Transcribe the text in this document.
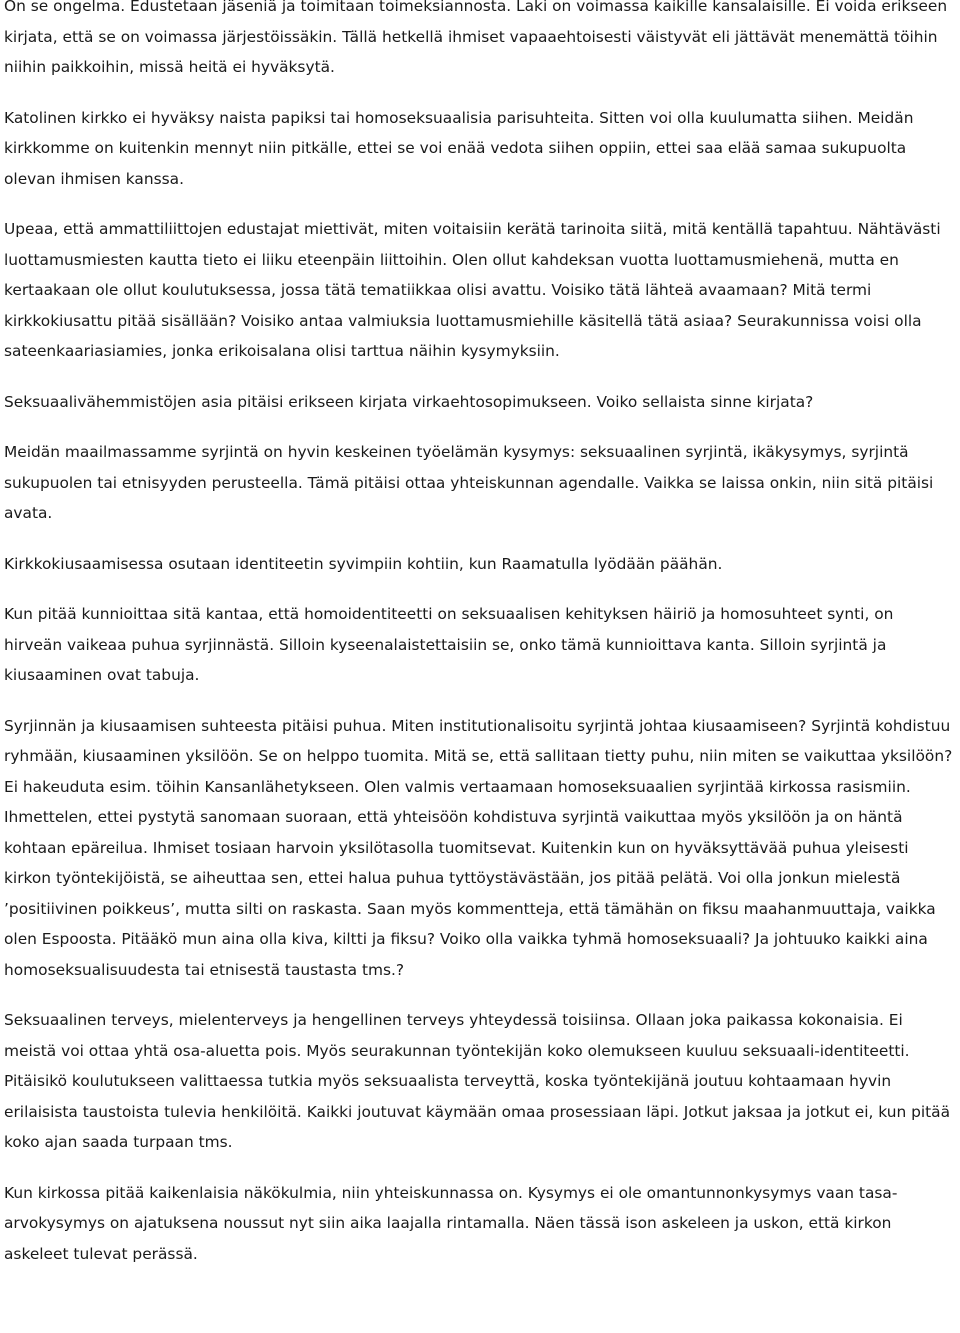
On se ongelma. Edustetaan jäseniä ja toimitaan toimeksiannosta. Laki on voimassa kaikille kansalaisille. Ei voida erikseen kirjata, että se on voimassa järjestöissäkin. Tällä hetkellä ihmiset vapaaehtoisesti väistyvät eli jättävät menemättä töihin niihin paikkoihin, missä heitä ei hyväksytä.

Katolinen kirkko ei hyväksy naista papiksi tai homoseksuaalisia parisuhteita. Sitten voi olla kuulumatta siihen. Meidän kirkkomme on kuitenkin mennyt niin pitkälle, ettei se voi enää vedota siihen oppiin, ettei saa elää samaa sukupuolta olevan ihmisen kanssa.

Upeaa, että ammattiliittojen edustajat miettivät, miten voitaisiin kerätä tarinoita siitä, mitä kentällä tapahtuu. Nähtävästi luottamusmiesten kautta tieto ei liiku eteenpäin liittoihin. Olen ollut kahdeksan vuotta luottamusmiehenä, mutta en kertaakaan ole ollut koulutuksessa, jossa tätä tematiikkaa olisi avattu. Voisiko tätä lähteä avaamaan? Mitä termi kirkkokiusattu pitää sisällään? Voisiko antaa valmiuksia luottamusmiehille käsitellä tätä asiaa? Seurakunnissa voisi olla sateenkaariasiamies, jonka erikoisalana olisi tarttua näihin kysymyksiin.

Seksuaalivähemmistöjen asia pitäisi erikseen kirjata virkaehtosopimukseen. Voiko sellaista sinne kirjata?

Meidän maailmassamme syrjintä on hyvin keskeinen työelämän kysymys: seksuaalinen syrjintä, ikäkysymys, syrjintä sukupuolen tai etnisyyden perusteella. Tämä pitäisi ottaa yhteiskunnan agendalle. Vaikka se laissa onkin, niin sitä pitäisi avata.

Kirkkokiusaamisessa osutaan identiteetin syvimpiin kohtiin, kun Raamatulla lyödään päähän.

Kun pitää kunnioittaa sitä kantaa, että homoidentiteetti on seksuaalisen kehityksen häiriö ja homosuhteet synti, on hirveän vaikeaa puhua syrjinnästä. Silloin kyseenalaistettaisiin se, onko tämä kunnioittava kanta. Silloin syrjintä ja kiusaaminen ovat tabuja.

Syrjinnän ja kiusaamisen suhteesta pitäisi puhua. Miten institutionalisoitu syrjintä johtaa kiusaamiseen? Syrjintä kohdistuu ryhmään, kiusaaminen yksilöön. Se on helppo tuomita. Mitä se, että sallitaan tietty puhu, niin miten se vaikuttaa yksilöön? Ei hakeuduta esim. töihin Kansanlähetykseen. Olen valmis vertaamaan homoseksuaalien syrjintää kirkossa rasismiin. Ihmettelen, ettei pystytä sanomaan suoraan, että yhteisöön kohdistuva syrjintä vaikuttaa myös yksilöön ja on häntä kohtaan epäreilua. Ihmiset tosiaan harvoin yksilötasolla tuomitsevat. Kuitenkin kun on hyväksyttävää puhua yleisesti kirkon työntekijöistä, se aiheuttaa sen, ettei halua puhua tyttöystävästään, jos pitää pelätä. Voi olla jonkun mielestä ’positiivinen poikkeus’, mutta silti on raskasta. Saan myös kommentteja, että tämähän on fiksu maahanmuuttaja, vaikka olen Espoosta. Pitääkö mun aina olla kiva, kiltti ja fiksu? Voiko olla vaikka tyhmä homoseksuaali? Ja johtuuko kaikki aina homoseksualisuudesta tai etnisestä taustasta tms.?

Seksuaalinen terveys, mielenterveys ja hengellinen terveys yhteydessä toisiinsa. Ollaan joka paikassa kokonaisia. Ei meistä voi ottaa yhtä osa-aluetta pois. Myös seurakunnan työntekijän koko olemukseen kuuluu seksuaali-identiteetti. Pitäisikö koulutukseen valittaessa tutkia myös seksuaalista terveyttä, koska työntekijänä joutuu kohtaamaan hyvin erilaisista taustoista tulevia henkilöitä. Kaikki joutuvat käymään omaa prosessiaan läpi. Jotkut jaksaa ja jotkut ei, kun pitää koko ajan saada turpaan tms.

Kun kirkossa pitää kaikenlaisia näkökulmia, niin yhteiskunnassa on. Kysymys ei ole omantunnonkysymys vaan tasa-arvokysymys on ajatuksena noussut nyt siin aika laajalla rintamalla. Näen tässä ison askeleen ja uskon, että kirkon askeleet tulevat perässä.
